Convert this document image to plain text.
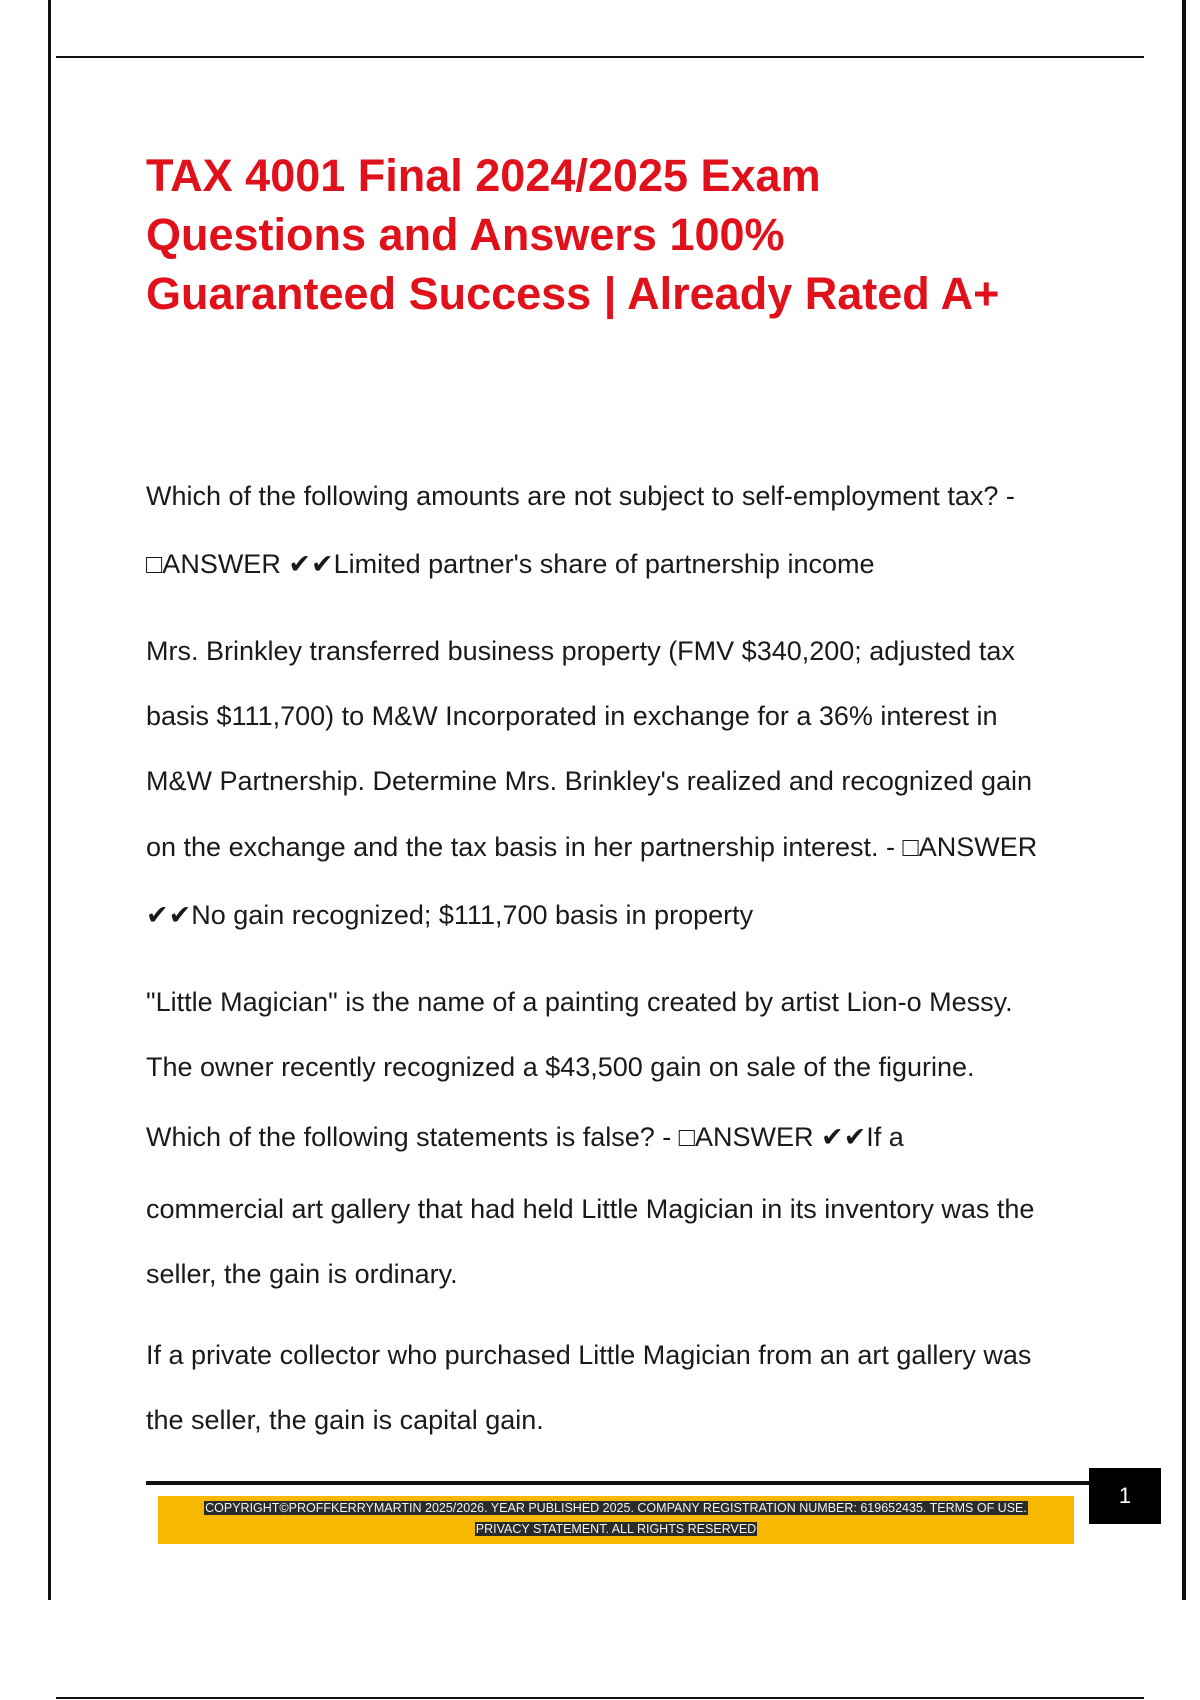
TAX 4001 Final 2024/2025 Exam
Questions and Answers 100%
Guaranteed Success | Already Rated A+
Which of the following amounts are not subject to self-employment tax? -
□ANSWER ✔✔Limited partner's share of partnership income
Mrs. Brinkley transferred business property (FMV $340,200; adjusted tax
basis $111,700) to M&W Incorporated in exchange for a 36% interest in
M&W Partnership. Determine Mrs. Brinkley's realized and recognized gain
on the exchange and the tax basis in her partnership interest. - □ANSWER
✔✔No gain recognized; $111,700 basis in property
"Little Magician" is the name of a painting created by artist Lion-o Messy.
The owner recently recognized a $43,500 gain on sale of the figurine.
Which of the following statements is false? - □ANSWER ✔✔If a
commercial art gallery that had held Little Magician in its inventory was the
seller, the gain is ordinary.
If a private collector who purchased Little Magician from an art gallery was
the seller, the gain is capital gain.
1
COPYRIGHT©PROFFKERRYMARTIN 2025/2026. YEAR PUBLISHED 2025. COMPANY REGISTRATION NUMBER: 619652435. TERMS OF USE.
PRIVACY STATEMENT. ALL RIGHTS RESERVED
